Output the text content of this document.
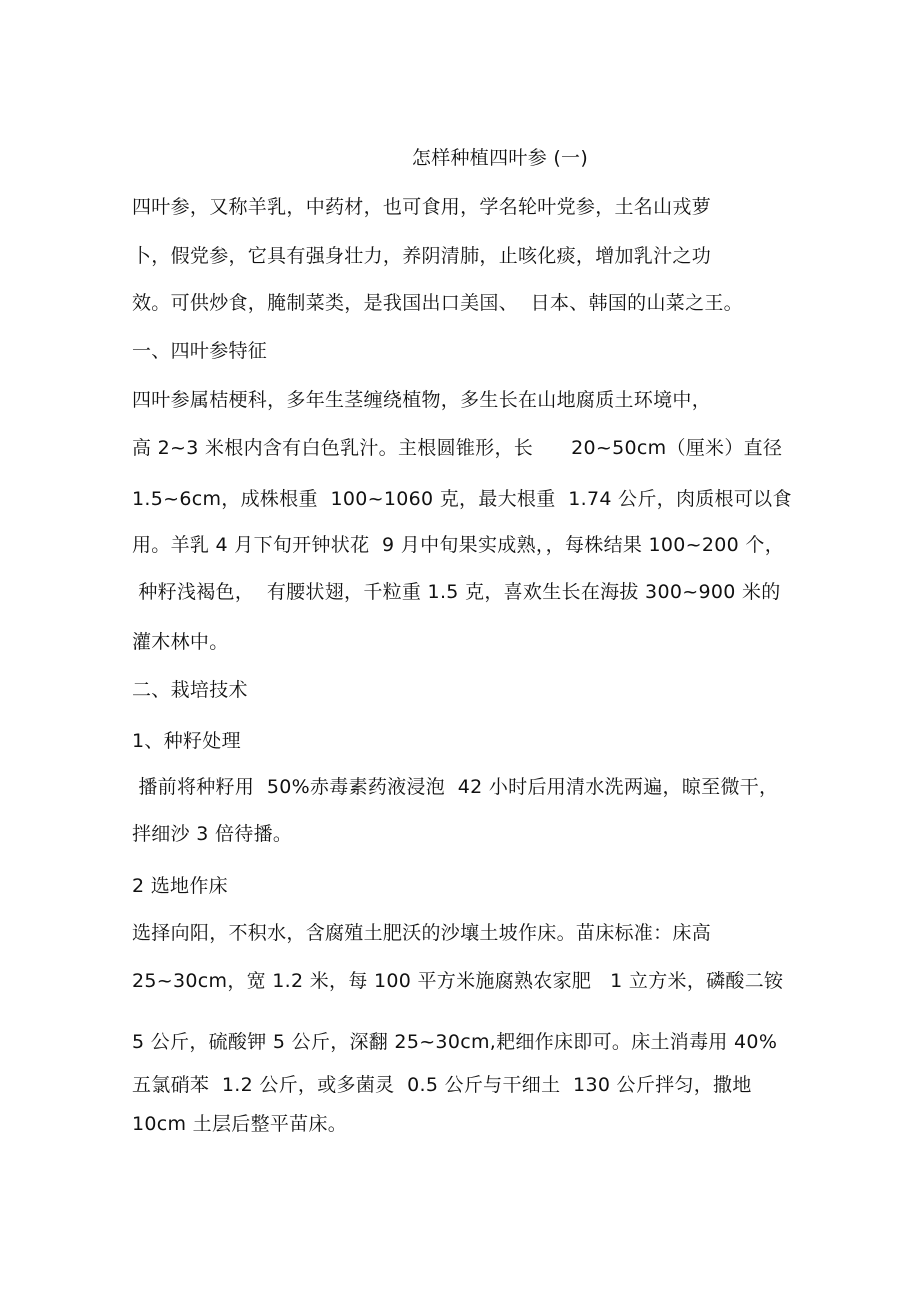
怎样种植四叶参 (一)
四叶参，又称羊乳，中药材，也可食用，学名轮叶党参，土名山戎萝
卜，假党参，它具有强身壮力，养阴清肺，止咳化痰，增加乳汁之功
效。可供炒食，腌制菜类，是我国出口美国、  日本、韩国的山菜之王。
一、四叶参特征
四叶参属桔梗科，多年生茎缠绕植物，多生长在山地腐质土环境中，
高 2~3 米根内含有白色乳汁。主根圆锥形，长      20~50cm（厘米）直径
1.5~6cm，成株根重  100~1060 克，最大根重  1.74 公斤，肉质根可以食
用。羊乳 4 月下旬开钟状花  9 月中旬果实成熟，，每株结果 100~200 个，
种籽浅褐色，  有腰状翅，千粒重 1.5 克，喜欢生长在海拔 300~900 米的
灌木林中。
二、栽培技术
1、种籽处理
播前将种籽用  50%赤毒素药液浸泡  42 小时后用清水洗两遍，晾至微干，
拌细沙 3 倍待播。
2 选地作床
选择向阳，不积水，含腐殖土肥沃的沙壤土坡作床。苗床标准：床高
25~30cm，宽 1.2 米，每 100 平方米施腐熟农家肥   1 立方米，磷酸二铵
5 公斤，硫酸钾 5 公斤，深翻 25~30cm,耙细作床即可。床土消毒用 40%
五氯硝苯  1.2 公斤，或多菌灵  0.5 公斤与干细土  130 公斤拌匀，撒地
10cm 土层后整平苗床。
